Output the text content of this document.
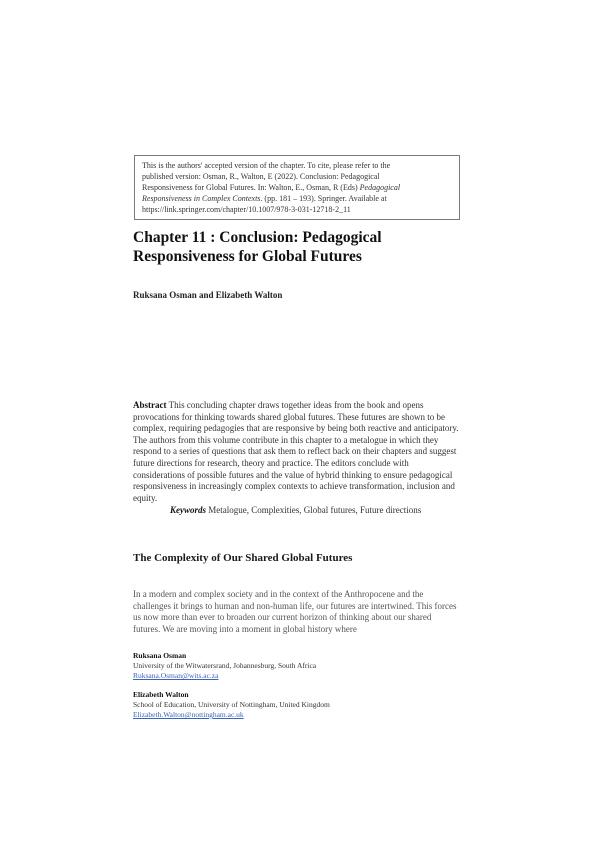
This is the authors' accepted version of the chapter. To cite, please refer to the
published version: Osman, R., Walton, E (2022). Conclusion: Pedagogical
Responsiveness for Global Futures. In: Walton, E., Osman, R (Eds) Pedagogical
Responsiveness in Complex Contexts. (pp. 181 – 193). Springer. Available at
https://link.springer.com/chapter/10.1007/978-3-031-12718-2_11
Chapter 11 : Conclusion: Pedagogical
Responsiveness for Global Futures
Ruksana Osman and Elizabeth Walton
Abstract This concluding chapter draws together ideas from the book and opens provocations for thinking towards shared global futures. These futures are shown to be complex, requiring pedagogies that are responsive by being both reactive and anticipatory. The authors from this volume contribute in this chapter to a metalogue in which they respond to a series of questions that ask them to reflect back on their chapters and suggest future directions for research, theory and practice. The editors conclude with considerations of possible futures and the value of hybrid thinking to ensure pedagogical responsiveness in increasingly complex contexts to achieve transformation, inclusion and equity.
Keywords Metalogue, Complexities, Global futures, Future directions
The Complexity of Our Shared Global Futures
In a modern and complex society and in the context of the Anthropocene and the challenges it brings to human and non-human life, our futures are intertwined. This forces us now more than ever to broaden our current horizon of thinking about our shared futures. We are moving into a moment in global history where
Ruksana Osman
University of the Witwatersrand, Johannesburg, South Africa
Ruksana.Osman@wits.ac.za
Elizabeth Walton
School of Education, University of Nottingham, United Kingdom
Elizabeth.Walton@nottingham.ac.uk
